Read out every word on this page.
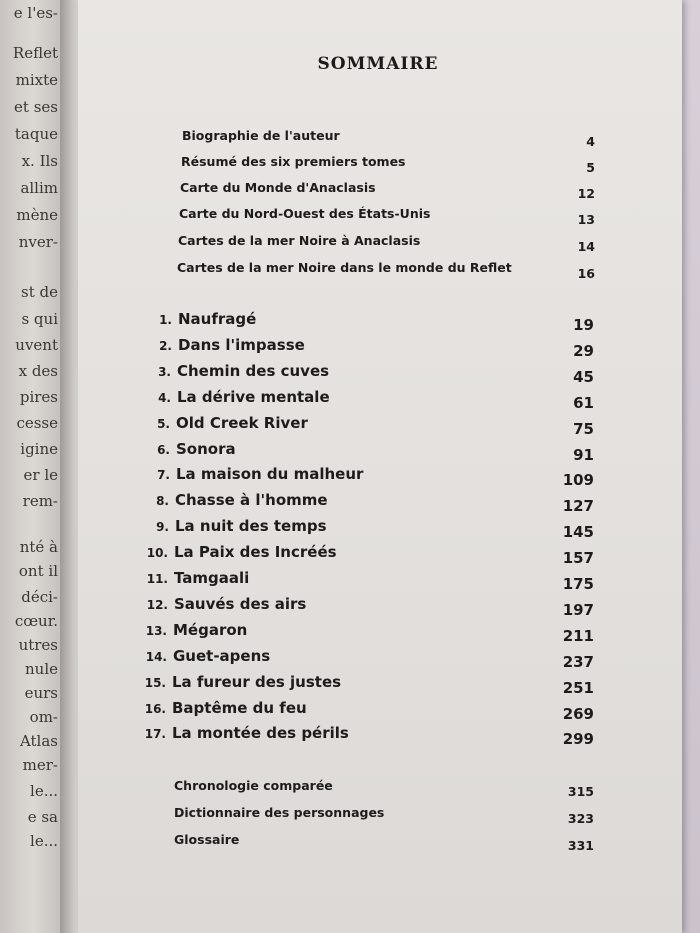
e l'es-
Reflet
mixte
et ses
taque
x. Ils
allim
mène
nver-
st de
s qui
uvent
x des
pires
cesse
igine
er le
rem-
nté à
ont il
déci-
cœur.
utres
nule
eurs
om-
Atlas
mer-
le...
e sa
le...
SOMMAIRE
Biographie de l'auteur	4
Résumé des six premiers tomes	5
Carte du Monde d'Anaclasis	12
Carte du Nord-Ouest des États-Unis	13
Cartes de la mer Noire à Anaclasis	14
Cartes de la mer Noire dans le monde du Reflet	16
1. Naufragé	19
2. Dans l'impasse	29
3. Chemin des cuves	45
4. La dérive mentale	61
5. Old Creek River	75
6. Sonora	91
7. La maison du malheur	109
8. Chasse à l'homme	127
9. La nuit des temps	145
10. La Paix des Incréés	157
11. Tamgaali	175
12. Sauvés des airs	197
13. Mégaron	211
14. Guet-apens	237
15. La fureur des justes	251
16. Baptême du feu	269
17. La montée des périls	299
Chronologie comparée	315
Dictionnaire des personnages	323
Glossaire	331
